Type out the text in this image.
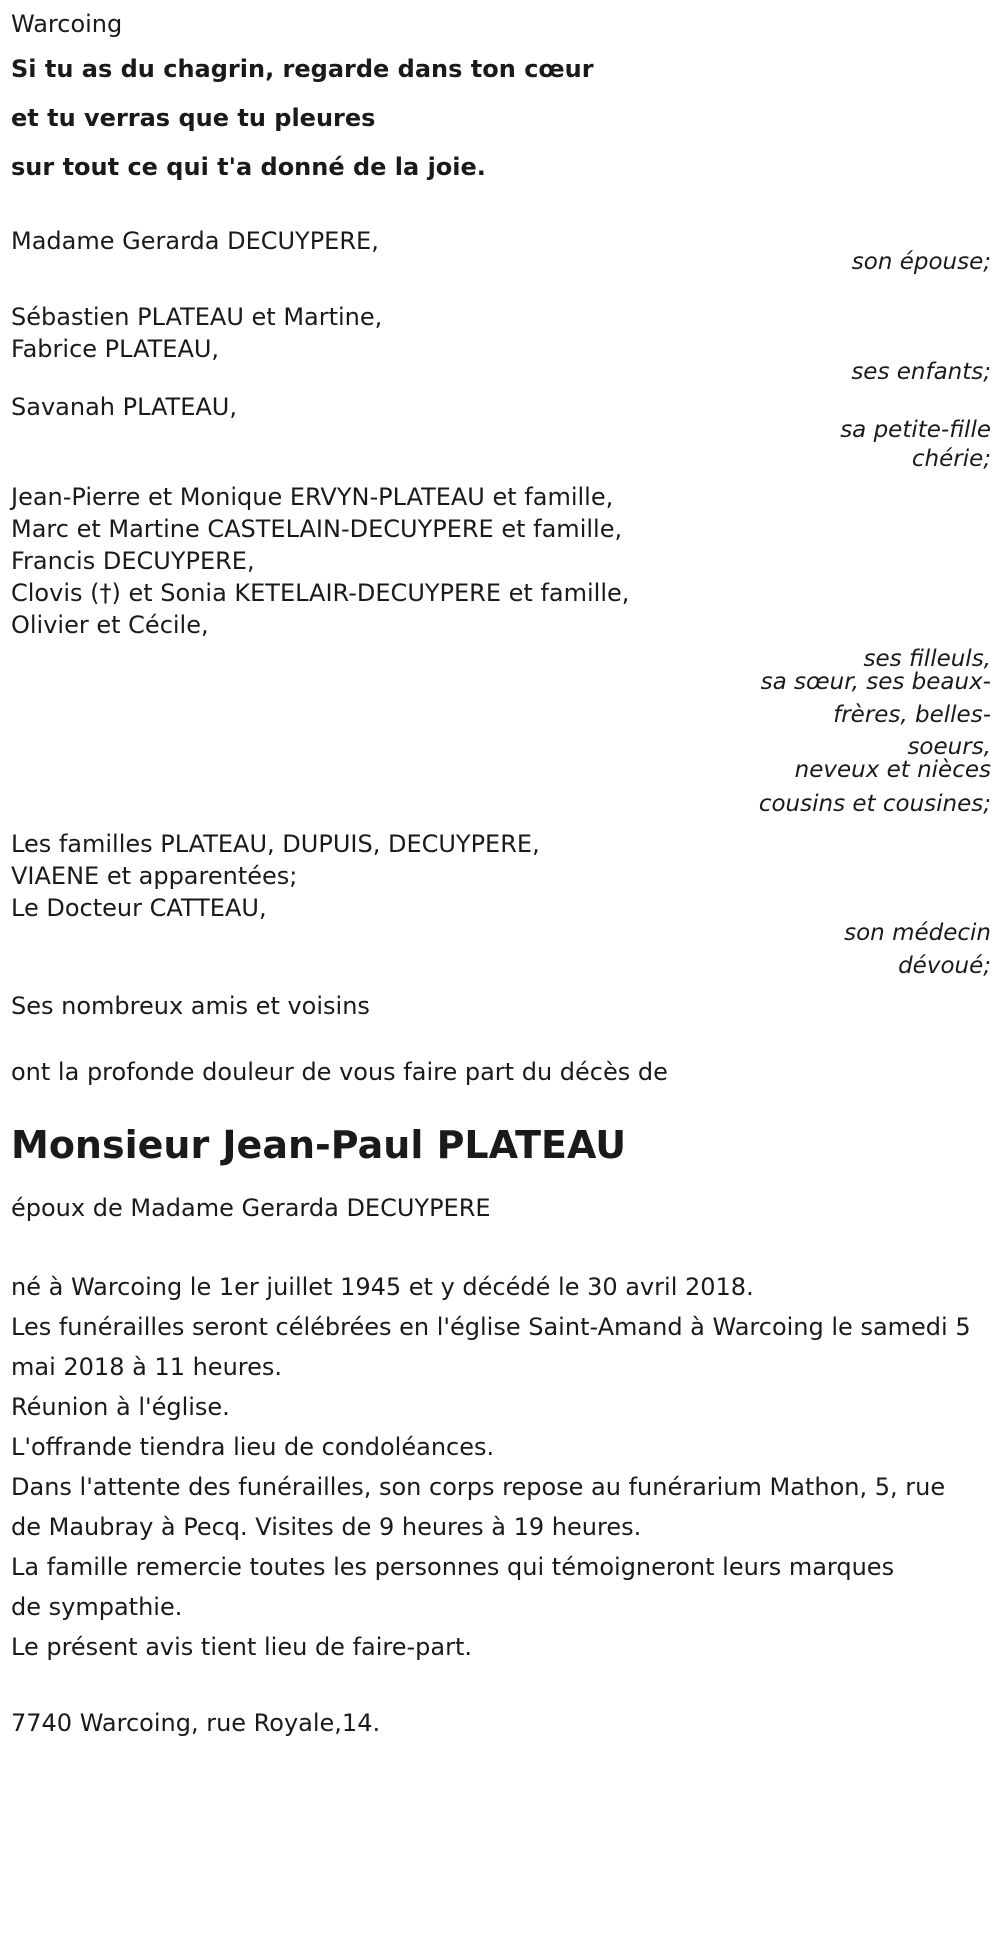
Warcoing
Si tu as du chagrin, regarde dans ton cœur
et tu verras que tu pleures
sur tout ce qui t'a donné de la joie.
Madame Gerarda DECUYPERE,
son épouse;
Sébastien PLATEAU et Martine,
Fabrice PLATEAU,
ses enfants;
Savanah PLATEAU,
sa petite-fille
chérie;
Jean-Pierre et Monique ERVYN-PLATEAU et famille,
Marc et Martine CASTELAIN-DECUYPERE et famille,
Francis DECUYPERE,
Clovis (†) et Sonia KETELAIR-DECUYPERE et famille,
Olivier et Cécile,
ses filleuls,
sa sœur, ses beaux-
frères, belles-
soeurs,
neveux et nièces
cousins et cousines;
Les familles PLATEAU, DUPUIS, DECUYPERE,
VIAENE et apparentées;
Le Docteur CATTEAU,
son médecin
dévoué;
Ses nombreux amis et voisins
ont la profonde douleur de vous faire part du décès de
Monsieur Jean-Paul PLATEAU
époux de Madame Gerarda DECUYPERE
né à Warcoing le 1er juillet 1945 et y décédé le 30 avril 2018.
Les funérailles seront célébrées en l'église Saint-Amand à Warcoing le samedi 5 mai 2018 à 11 heures.
Réunion à l'église.
L'offrande tiendra lieu de condoléances.
Dans l'attente des funérailles, son corps repose au funérarium Mathon, 5, rue de Maubray à Pecq. Visites de 9 heures à 19 heures.
La famille remercie toutes les personnes qui témoigneront leurs marques de sympathie.
Le présent avis tient lieu de faire-part.
7740 Warcoing, rue Royale,14.
